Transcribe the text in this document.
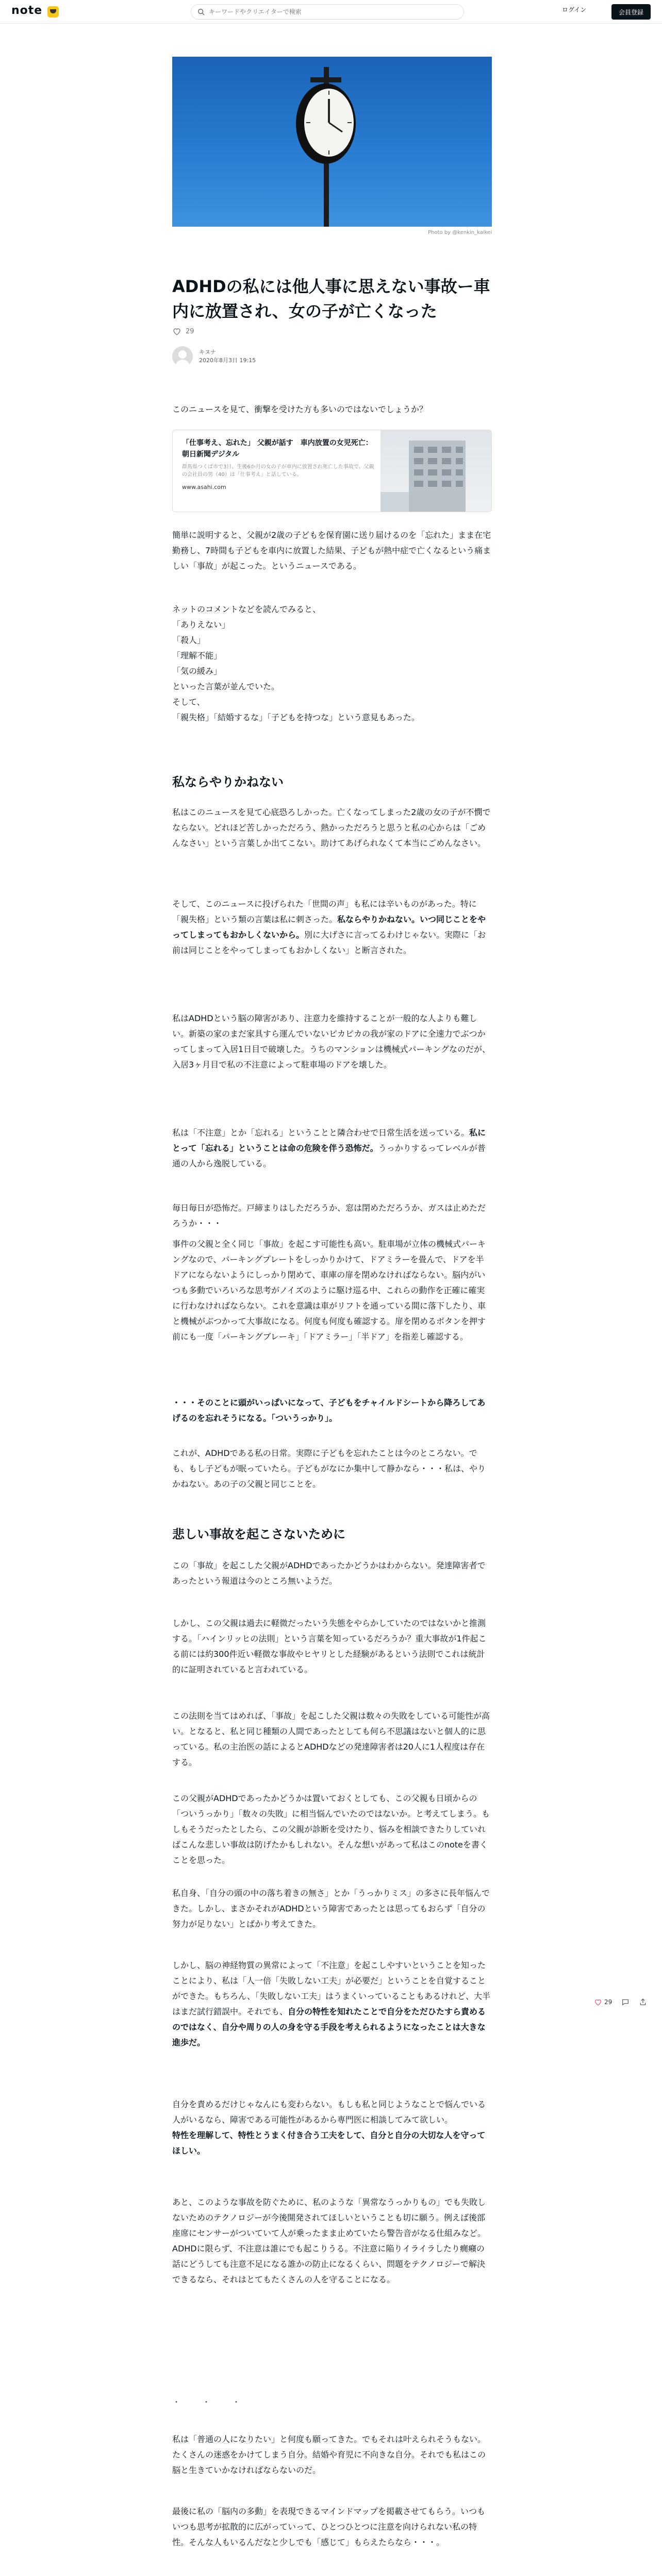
note
キーワードやクリエイターで検索	ログイン	会員登録
Photo by @kenkin_kaikei
ADHDの私には他人事に思えない事故ー車内に放置され、女の子が亡くなった
29
キヌナ
2020年8月3日 19:15

このニュースを見て、衝撃を受けた方も多いのではないでしょうか？

「仕事考え、忘れた」 父親が話す　車内放置の女児死亡：朝日新聞デジタル
群馬県つくば市で3日、生後6か月の女の子が車内に放置され死亡した事故で、父親の会社員の男（40）は「仕事考え」と話している。
www.asahi.com

簡単に説明すると、父親が2歳の子どもを保育園に送り届けるのを「忘れた」まま在宅勤務し、7時間も子どもを車内に放置した結果、子どもが熱中症で亡くなるという痛ましい「事故」が起こった。というニュースである。

ネットのコメントなどを読んでみると、

「ありえない」

「殺人」

「理解不能」

「気の緩み」

といった言葉が並んでいた。

そして、

「親失格」「結婚するな」「子どもを持つな」という意見もあった。

私ならやりかねない

私はこのニュースを見て心底恐ろしかった。亡くなってしまった2歳の女の子が不憫でならない。どれほど苦しかっただろう、熱かっただろうと思うと私の心からは「ごめんなさい」という言葉しか出てこない。助けてあげられなくて本当にごめんなさい。

そして、このニュースに投げられた「世間の声」も私には辛いものがあった。特に「親失格」という類の言葉は私に刺さった。私ならやりかねない。いつ同じことをやってしまってもおかしくないから。別に大げさに言ってるわけじゃない。実際に「お前は同じことをやってしまってもおかしくない」と断言された。

私はADHDという脳の障害があり、注意力を維持することが一般的な人よりも難しい。新築の家のまだ家具すら運んでいないピカピカの我が家のドアに全速力でぶつかってしまって入居1日目で破壊した。うちのマンションは機械式パーキングなのだが、入居3ヶ月目で私の不注意によって駐車場のドアを壊した。

私は「不注意」とか「忘れる」ということと隣合わせで日常生活を送っている。私にとって「忘れる」ということは命の危険を伴う恐怖だ。うっかりするってレベルが普通の人から逸脱している。

毎日毎日が恐怖だ。戸締まりはしただろうか、窓は閉めただろうか、ガスは止めただろうか・・・

事件の父親と全く同じ「事故」を起こす可能性も高い。駐車場が立体の機械式パーキングなので、パーキングプレートをしっかりかけて、ドアミラーを畳んで、ドアを半ドアにならないようにしっかり閉めて、車庫の扉を閉めなければならない。脳内がいつも多動でいろいろな思考がノイズのように駆け巡る中、これらの動作を正確に確実に行わなければならない。これを意識は車がリフトを通っている間に落下したり、車と機械がぶつかって大事故になる。何度も何度も確認する。扉を閉めるボタンを押す前にも一度「パーキングブレーキ」「ドアミラー」「半ドア」を指差し確認する。

・・・そのことに頭がいっぱいになって、子どもをチャイルドシートから降ろしてあげるのを忘れそうになる。「ついうっかり」。

これが、ADHDである私の日常。実際に子どもを忘れたことは今のところない。でも、もし子どもが眠っていたら。子どもがなにか集中して静かなら・・・私は、やりかねない。あの子の父親と同じことを。

悲しい事故を起こさないために

この「事故」を起こした父親がADHDであったかどうかはわからない。発達障害者であったという報道は今のところ無いようだ。

しかし、この父親は過去に軽微だったいう失態をやらかしていたのではないかと推測する。「ハインリッヒの法則」という言葉を知っているだろうか？重大事故が1件起こる前には約300件近い軽微な事故やヒヤリとした経験があるという法則でこれは統計的に証明されていると言われている。

この法則を当てはめれば、「事故」を起こした父親は数々の失敗をしている可能性が高い。となると、私と同じ種類の人間であったとしても何ら不思議はないと個人的に思っている。私の主治医の話によるとADHDなどの発達障害者は20人に1人程度は存在する。

この父親がADHDであったかどうかは置いておくとしても、この父親も日頃からの「ついうっかり」「数々の失敗」に相当悩んでいたのではないか。と考えてしまう。もしもそうだったとしたら、この父親が診断を受けたり、悩みを相談できたりしていればこんな悲しい事故は防げたかもしれない。そんな想いがあって私はこのnoteを書くことを思った。

私自身、「自分の頭の中の落ち着きの無さ」とか「うっかりミス」の多さに長年悩んできた。しかし、まさかそれがADHDという障害であったとは思ってもおらず「自分の努力が足りない」とばかり考えてきた。

しかし、脳の神経物質の異常によって「不注意」を起こしやすいということを知ったことにより、私は「人一倍「失敗しない工夫」が必要だ」ということを自覚することができた。もちろん、「失敗しない工夫」はうまくいっていることもあるけれど、大半はまだ試行錯誤中。それでも、自分の特性を知れたことで自分をただひたすら責めるのではなく、自分や周りの人の身を守る手段を考えられるようになったことは大きな進歩だ。

自分を責めるだけじゃなんにも変わらない。もしも私と同じようなことで悩んでいる人がいるなら、障害である可能性があるから専門医に相談してみて欲しい。
特性を理解して、特性とうまく付き合う工夫をして、自分と自分の大切な人を守ってほしい。

あと、このような事故を防ぐために、私のような「異常なうっかりもの」でも失敗しないためのテクノロジーが今後開発されてほしいということも切に願う。例えば後部座席にセンサーがついていて人が乗ったまま止めていたら警告音がなる仕組みなど。ADHDに限らず、不注意は誰にでも起こりうる。不注意に陥りイライラしたり癇癪の話にどうしても注意不足になる誰かの防止になるくらい、問題をテクノロジーで解決できるなら、それはとてもたくさんの人を守ることになる。

・・・

私は「普通の人になりたい」と何度も願ってきた。でもそれは叶えられそうもない。たくさんの迷惑をかけてしまう自分。結婚や育児に不向きな自分。それでも私はこの脳と生きていかなければならないのだ。

最後に私の「脳内の多動」を表現できるマインドマップを掲載させてもらう。いつもいつも思考が拡散的に広がっていって、ひとつひとつに注意を向けられない私の特性。そんな人もいるんだなと少しでも「感じて」もらえたらなら・・・。

29
